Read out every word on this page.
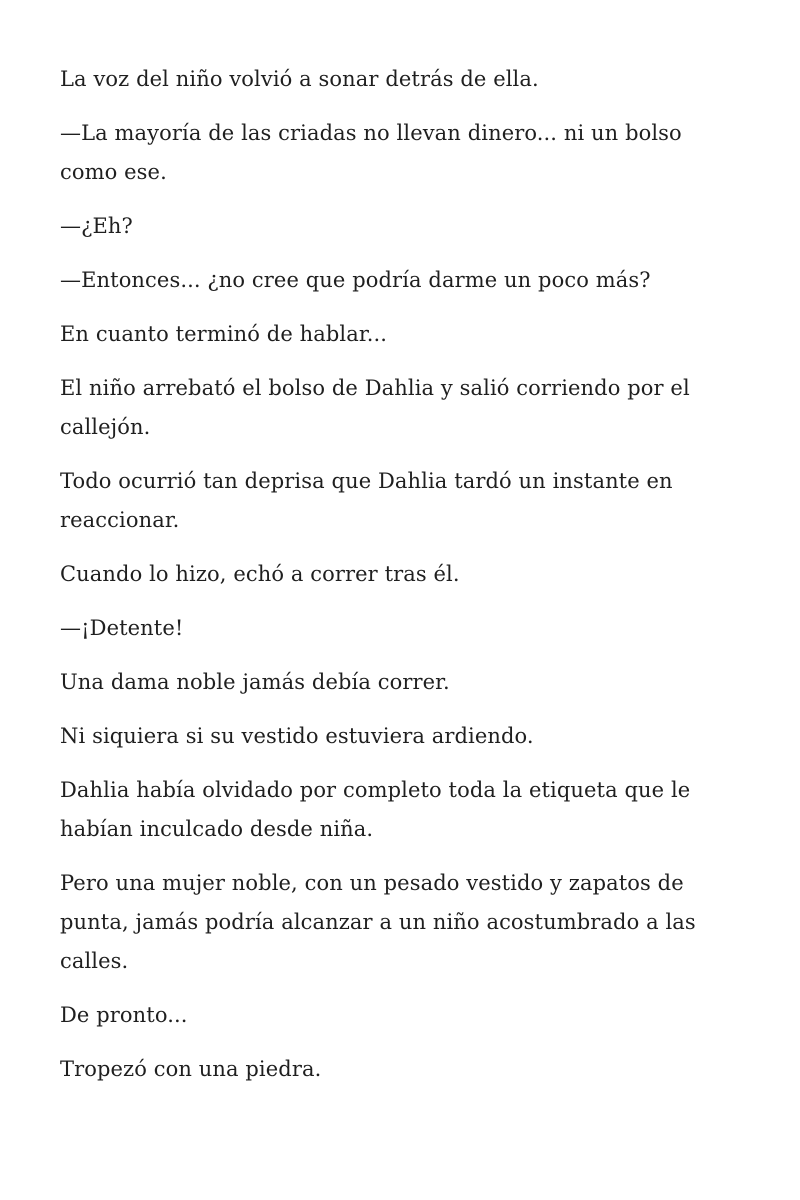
La voz del niño volvió a sonar detrás de ella.

—La mayoría de las criadas no llevan dinero... ni un bolso como ese.

—¿Eh?

—Entonces... ¿no cree que podría darme un poco más?

En cuanto terminó de hablar...

El niño arrebató el bolso de Dahlia y salió corriendo por el callejón.

Todo ocurrió tan deprisa que Dahlia tardó un instante en reaccionar.

Cuando lo hizo, echó a correr tras él.

—¡Detente!

Una dama noble jamás debía correr.

Ni siquiera si su vestido estuviera ardiendo.

Dahlia había olvidado por completo toda la etiqueta que le habían inculcado desde niña.

Pero una mujer noble, con un pesado vestido y zapatos de punta, jamás podría alcanzar a un niño acostumbrado a las calles.

De pronto...

Tropezó con una piedra.
